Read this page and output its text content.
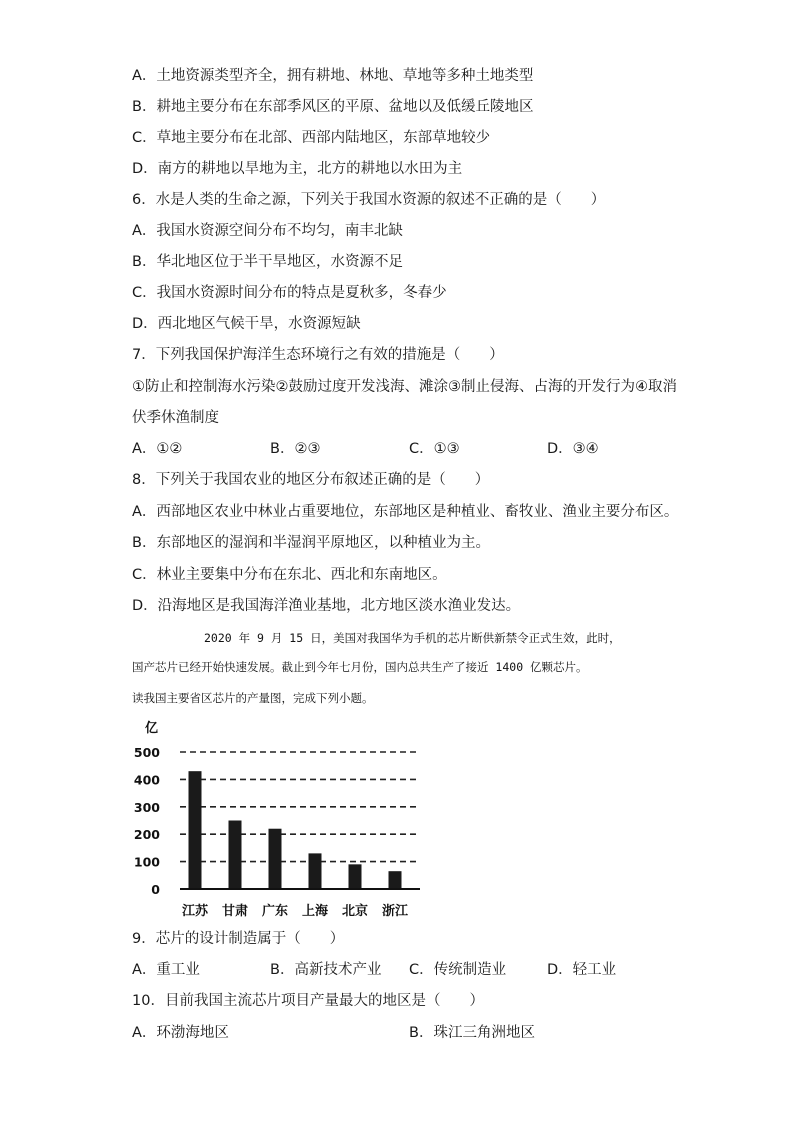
A．土地资源类型齐全，拥有耕地、林地、草地等多种土地类型
B．耕地主要分布在东部季风区的平原、盆地以及低缓丘陵地区
C．草地主要分布在北部、西部内陆地区，东部草地较少
D．南方的耕地以旱地为主，北方的耕地以水田为主
6．水是人类的生命之源，下列关于我国水资源的叙述不正确的是（　　）
A．我国水资源空间分布不均匀，南丰北缺
B．华北地区位于半干旱地区，水资源不足
C．我国水资源时间分布的特点是夏秋多，冬春少
D．西北地区气候干旱，水资源短缺
7．下列我国保护海洋生态环境行之有效的措施是（　　）
①防止和控制海水污染②鼓励过度开发浅海、滩涂③制止侵海、占海的开发行为④取消
伏季休渔制度
A．①②	B．②③	C．①③	D．③④
8．下列关于我国农业的地区分布叙述正确的是（　　）
A．西部地区农业中林业占重要地位，东部地区是种植业、畜牧业、渔业主要分布区。
B．东部地区的湿润和半湿润平原地区，以种植业为主。
C．林业主要集中分布在东北、西北和东南地区。
D．沿海地区是我国海洋渔业基地，北方地区淡水渔业发达。
2020 年 9 月 15 日，美国对我国华为手机的芯片断供新禁令正式生效，此时，
国产芯片已经开始快速发展。截止到今年七月份，国内总共生产了接近 1400 亿颗芯片。
读我国主要省区芯片的产量图，完成下列小题。
亿
500
400
300
200
100
0
江苏 甘肃 广东 上海 北京 浙江
9．芯片的设计制造属于（　　）
A．重工业	B．高新技术产业 C．传统制造业	D．轻工业
10．目前我国主流芯片项目产量最大的地区是（　　）
A．环渤海地区	B．珠江三角洲地区
